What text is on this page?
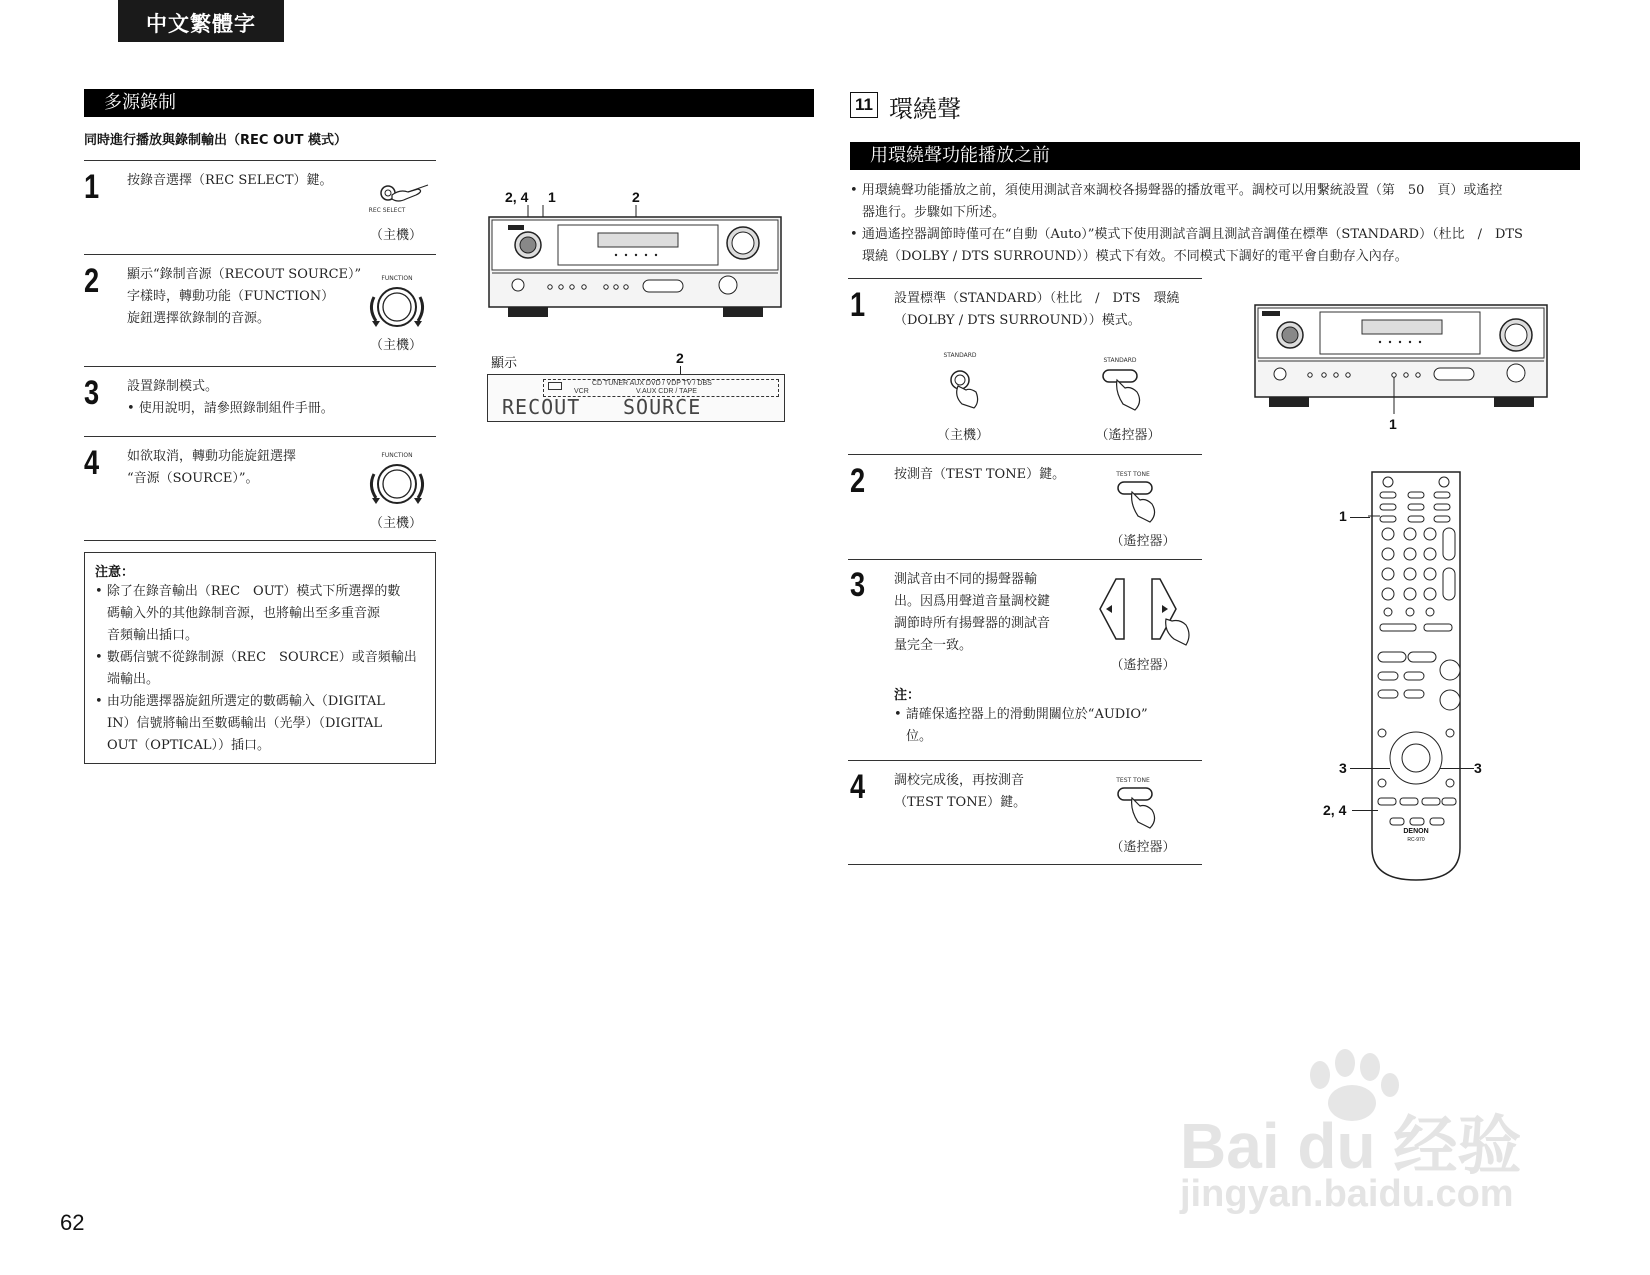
中文繁體字
多源錄制
同時進行播放與錄制輸出（REC OUT 模式）
1 按錄音選擇（REC SELECT）鍵。
REC SELECT
（主機）
2 顯示“錄制音源（RECOUT SOURCE）”
字樣時，轉動功能（FUNCTION）
旋鈕選擇欲錄制的音源。
FUNCTION
（主機）
3 設置錄制模式。
• 使用說明，請參照錄制組件手冊。
4 如欲取消，轉動功能旋鈕選擇
“音源（SOURCE）”。
FUNCTION
（主機）
注意：
• 除了在錄音輸出（REC　OUT）模式下所選擇的數
碼輸入外的其他錄制音源，也將輸出至多重音源
音頻輸出插口。
• 數碼信號不從錄制源（REC　SOURCE）或音頻輸出
端輸出。
• 由功能選擇器旋鈕所選定的數碼輸入（DIGITAL
IN）信號將輸出至數碼輸出（光學）（DIGITAL
OUT（OPTICAL））插口。
2, 4 1	2
顯示	2
CD TUNER AUX DVD / VDP TV / DBS
VCR	V.AUX CDR / TAPE
RECOUT SOURCE
11 環繞聲
用環繞聲功能播放之前
• 用環繞聲功能播放之前，須使用測試音來調校各揚聲器的播放電平。調校可以用繫統設置（第　50　頁）或遙控
器進行。步驟如下所述。
• 通過遙控器調節時僅可在“自動（Auto）”模式下使用測試音調且測試音調僅在標準（STANDARD）（杜比　/　DTS
環繞（DOLBY / DTS SURROUND））模式下有效。不同模式下調好的電平會自動存入內存。
1 設置標準（STANDARD）（杜比　/　DTS　環繞
（DOLBY / DTS SURROUND））模式。
STANDARD
STANDARD
（主機）	（遙控器）
2 按測音（TEST TONE）鍵。	TEST TONE
（遙控器）
3 測試音由不同的揚聲器輸
出。因爲用聲道音量調校鍵
調節時所有揚聲器的測試音
量完全一致。
（遙控器）
注：
• 請確保遙控器上的滑動開關位於“AUDIO”
位。
4 調校完成後，再按測音
（TEST TONE）鍵。
TEST TONE
（遙控器）
1
DENON
RC-970
1
3	3
2, 4
62
Bai du 经验
jingyan.baidu.com
